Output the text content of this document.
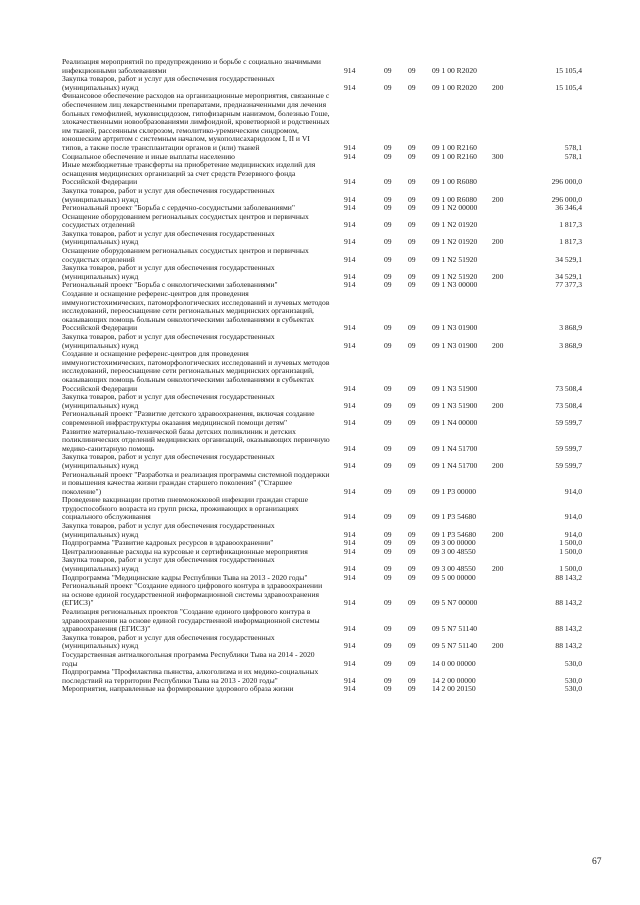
Реализация мероприятий по предупреждению и борьбе с социально значимыми инфекционными заболеваниями	914	09 09 09 1 00 R2020	15 105,4
Закупка товаров, работ и услуг для обеспечения государственных (муниципальных) нужд	914	09 09 09 1 00 R2020 200	15 105,4
Финансовое обеспечение расходов на организационные мероприятия, связанные с обеспечением лиц лекарственными препаратами, предназначенными для лечения больных гемофилией, муковисцидозом, гипофизарным нанизмом, болезнью Гоше, злокачественными новообразованиями лимфоидной, кроветворной и родственных им тканей, рассеянным склерозом, гемолитико-уремическим синдромом, юношеским артритом с системным началом, мукополисахаридозом I, II и VI типов, а также после трансплантации органов и (или) тканей	914	09 09 09 1 00 R2160	578,1
Социальное обеспечение и иные выплаты населению	914	09 09 09 1 00 R2160 300	578,1
Иные межбюджетные трансферты на приобретение медицинских изделий для оснащения медицинских организаций за счет средств Резервного фонда Российской Федерации	914	09 09 09 1 00 R6080	296 000,0
Закупка товаров, работ и услуг для обеспечения государственных (муниципальных) нужд	914	09 09 09 1 00 R6080 200	296 000,0
Региональный проект "Борьба с сердечно-сосудистыми заболеваниями"	914	09 09 09 1 N2 00000	36 346,4
Оснащение оборудованием региональных сосудистых центров и первичных сосудистых отделений	914	09 09 09 1 N2 01920	1 817,3
Закупка товаров, работ и услуг для обеспечения государственных (муниципальных) нужд	914	09 09 09 1 N2 01920 200	1 817,3
Оснащение оборудованием региональных сосудистых центров и первичных сосудистых отделений	914	09 09 09 1 N2 51920	34 529,1
Закупка товаров, работ и услуг для обеспечения государственных (муниципальных) нужд	914	09 09 09 1 N2 51920 200	34 529,1
Региональный проект "Борьба с онкологическими заболеваниями"	914	09 09 09 1 N3 00000	77 377,3
Создание и оснащение референс-центров для проведения иммуногистохимических, патоморфологических исследований и лучевых методов исследований, переоснащение сети региональных медицинских организаций, оказывающих помощь больным онкологическими заболеваниями в субъектах Российской Федерации	914	09 09 09 1 N3 01900	3 868,9
Закупка товаров, работ и услуг для обеспечения государственных (муниципальных) нужд	914	09 09 09 1 N3 01900 200	3 868,9
Создание и оснащение референс-центров для проведения иммуногистохимических, патоморфологических исследований и лучевых методов исследований, переоснащение сети региональных медицинских организаций, оказывающих помощь больным онкологическими заболеваниями в субъектах Российской Федерации	914	09 09 09 1 N3 51900	73 508,4
Закупка товаров, работ и услуг для обеспечения государственных (муниципальных) нужд	914	09 09 09 1 N3 51900 200	73 508,4
Региональный проект "Развитие детского здравоохранения, включая создание современной инфраструктуры оказания медицинской помощи детям"	914	09 09 09 1 N4 00000	59 599,7
Развитие материально-технической базы детских поликлиник и детских поликлинических отделений медицинских организаций, оказывающих первичную медико-санитарную помощь	914	09 09 09 1 N4 51700	59 599,7
Закупка товаров, работ и услуг для обеспечения государственных (муниципальных) нужд	914	09 09 09 1 N4 51700 200	59 599,7
Региональный проект "Разработка и реализация программы системной поддержки и повышения качества жизни граждан старшего поколения" ("Старшее поколение")	914	09 09 09 1 P3 00000	914,0
Проведение вакцинации против пневмококковой инфекции граждан старше трудоспособного возраста из групп риска, проживающих в организациях социального обслуживания	914	09 09 09 1 P3 54680	914,0
Закупка товаров, работ и услуг для обеспечения государственных (муниципальных) нужд	914	09 09 09 1 P3 54680 200	914,0
Подпрограмма "Развитие кадровых ресурсов в здравоохранении"	914	09 09 09 3 00 00000	1 500,0
Централизованные расходы на курсовые и сертификационные мероприятия	914	09 09 09 3 00 48550	1 500,0
Закупка товаров, работ и услуг для обеспечения государственных (муниципальных) нужд	914	09 09 09 3 00 48550 200	1 500,0
Подпрограмма "Медицинские кадры Республики Тыва на 2013 - 2020 годы"	914	09 09 09 5 00 00000	88 143,2
Региональный проект "Создание единого цифрового контура в здравоохранении на основе единой государственной информационной системы здравоохранения (ЕГИСЗ)"	914	09 09 09 5 N7 00000	88 143,2
Реализация региональных проектов "Создание единого цифрового контура в здравоохранении на основе единой государственной информационной системы здравоохранения (ЕГИСЗ)"	914	09 09 09 5 N7 51140	88 143,2
Закупка товаров, работ и услуг для обеспечения государственных (муниципальных) нужд	914	09 09 09 5 N7 51140 200	88 143,2
Государственная антиалкогольная программа Республики Тыва на 2014 - 2020 годы	914	09 09 14 0 00 00000	530,0
Подпрограмма "Профилактика пьянства, алкоголизма и их медико-социальных последствий на территории Республики Тыва на 2013 - 2020 годы"	914	09 09 14 2 00 00000	530,0
Мероприятия, направленные на формирование здорового образа жизни	914	09 09 14 2 00 20150	530,0
67
